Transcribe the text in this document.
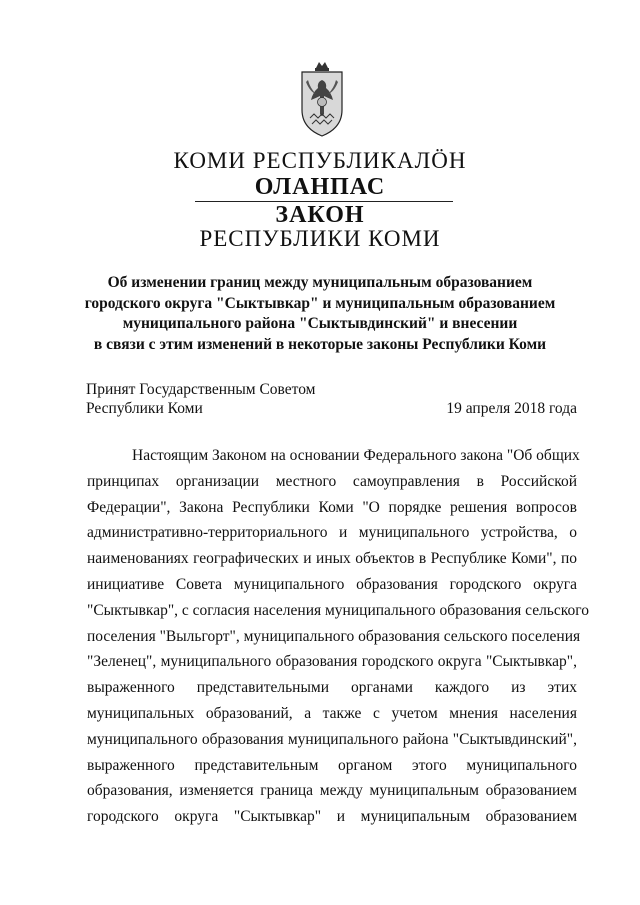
КОМИ РЕСПУБЛИКАЛӦН
ОЛАНПАС
ЗАКОН
РЕСПУБЛИКИ КОМИ
Об изменении границ между муниципальным образованием
городского округа "Сыктывкар" и муниципальным образованием
муниципального района "Сыктывдинский" и внесении
в связи с этим изменений в некоторые законы Республики Коми
Принят Государственным Советом
Республики Коми	19 апреля 2018 года
Настоящим Законом на основании Федерального закона "Об общих
принципах организации местного самоуправления в Российской
Федерации", Закона Республики Коми "О порядке решения вопросов
административно-территориального и муниципального устройства, о
наименованиях географических и иных объектов в Республике Коми", по
инициативе Совета муниципального образования городского округа
"Сыктывкар", с согласия населения муниципального образования сельского
поселения "Выльгорт", муниципального образования сельского поселения
"Зеленец", муниципального образования городского округа "Сыктывкар",
выраженного представительными органами каждого из этих
муниципальных образований, а также с учетом мнения населения
муниципального образования муниципального района "Сыктывдинский",
выраженного представительным органом этого муниципального
образования, изменяется граница между муниципальным образованием
городского округа "Сыктывкар" и муниципальным образованием
